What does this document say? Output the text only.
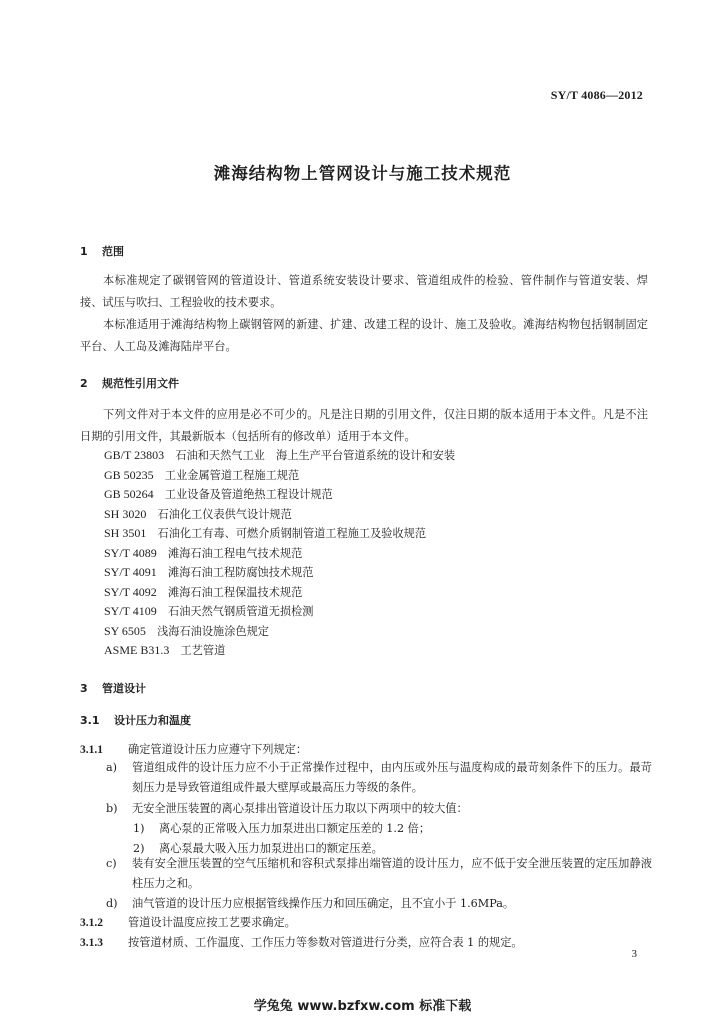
SY/T 4086—2012
滩海结构物上管网设计与施工技术规范
1 范围
本标准规定了碳钢管网的管道设计、管道系统安装设计要求、管道组成件的检验、管件制作与管道安装、焊接、试压与吹扫、工程验收的技术要求。
本标准适用于滩海结构物上碳钢管网的新建、扩建、改建工程的设计、施工及验收。滩海结构物包括钢制固定平台、人工岛及滩海陆岸平台。
2 规范性引用文件
下列文件对于本文件的应用是必不可少的。凡是注日期的引用文件，仅注日期的版本适用于本文件。凡是不注日期的引用文件，其最新版本（包括所有的修改单）适用于本文件。
GB/T 23803　 石油和天然气工业　海上生产平台管道系统的设计和安装
GB 50235　 工业金属管道工程施工规范
GB 50264　 工业设备及管道绝热工程设计规范
SH 3020　 石油化工仪表供气设计规范
SH 3501　 石油化工有毒、可燃介质钢制管道工程施工及验收规范
SY/T 4089　 滩海石油工程电气技术规范
SY/T 4091　 滩海石油工程防腐蚀技术规范
SY/T 4092　 滩海石油工程保温技术规范
SY/T 4109　 石油天然气钢质管道无损检测
SY 6505　 浅海石油设施涂色规定
ASME B31.3　 工艺管道
3 管道设计
3.1 设计压力和温度
3.1.1 确定管道设计压力应遵守下列规定：
a)	管道组成件的设计压力应不小于正常操作过程中，由内压或外压与温度构成的最苛刻条件下的压力。最苛刻压力是导致管道组成件最大壁厚或最高压力等级的条件。
b)	无安全泄压装置的离心泵排出管道设计压力取以下两项中的较大值：
1) 离心泵的正常吸入压力加泵进出口额定压差的 1.2 倍；
2) 离心泵最大吸入压力加泵进出口的额定压差。
c)	装有安全泄压装置的空气压缩机和容积式泵排出端管道的设计压力，应不低于安全泄压装置的定压加静液柱压力之和。
d)	油气管道的设计压力应根据管线操作压力和回压确定，且不宜小于 1.6MPa。
3.1.2 管道设计温度应按工艺要求确定。
3.1.3 按管道材质、工作温度、工作压力等参数对管道进行分类，应符合表 1 的规定。
3
学兔兔 www.bzfxw.com 标准下载
